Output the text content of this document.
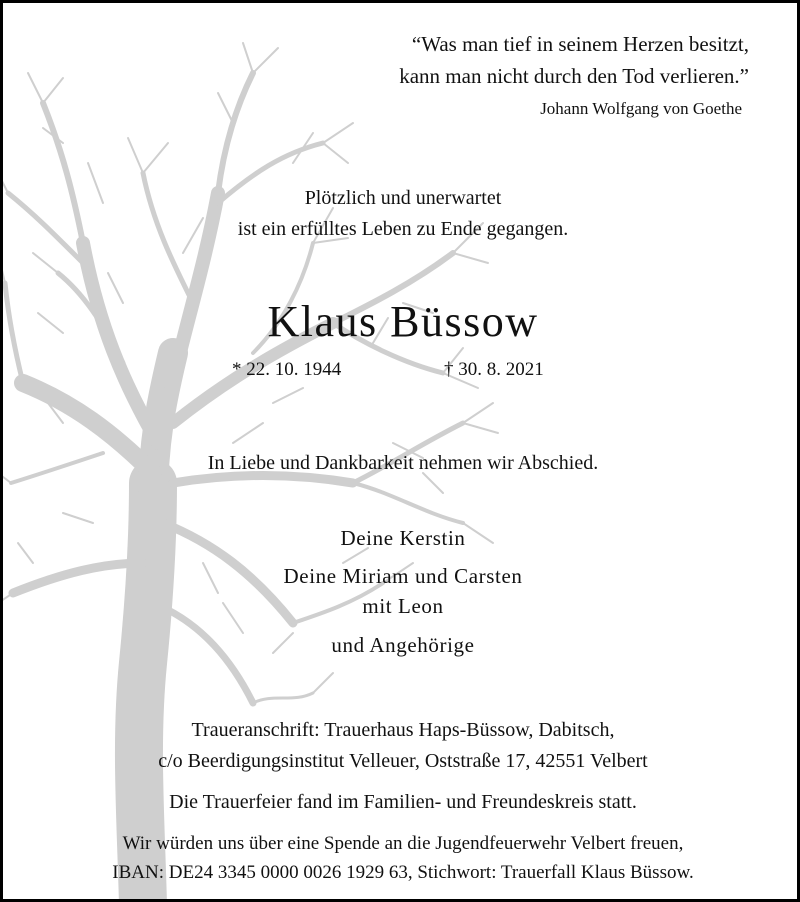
“Was man tief in seinem Herzen besitzt,
kann man nicht durch den Tod verlieren.”
Johann Wolfgang von Goethe
Plötzlich und unerwartet
ist ein erfülltes Leben zu Ende gegangen.
Klaus Büssow
* 22. 10. 1944	† 30. 8. 2021
In Liebe und Dankbarkeit nehmen wir Abschied.
Deine Kerstin
Deine Miriam und Carsten
mit Leon
und Angehörige
Traueranschrift: Trauerhaus Haps-Büssow, Dabitsch,
c/o Beerdigungsinstitut Velleuer, Oststraße 17, 42551 Velbert
Die Trauerfeier fand im Familien- und Freundeskreis statt.
Wir würden uns über eine Spende an die Jugendfeuerwehr Velbert freuen,
IBAN: DE24 3345 0000 0026 1929 63, Stichwort: Trauerfall Klaus Büssow.
